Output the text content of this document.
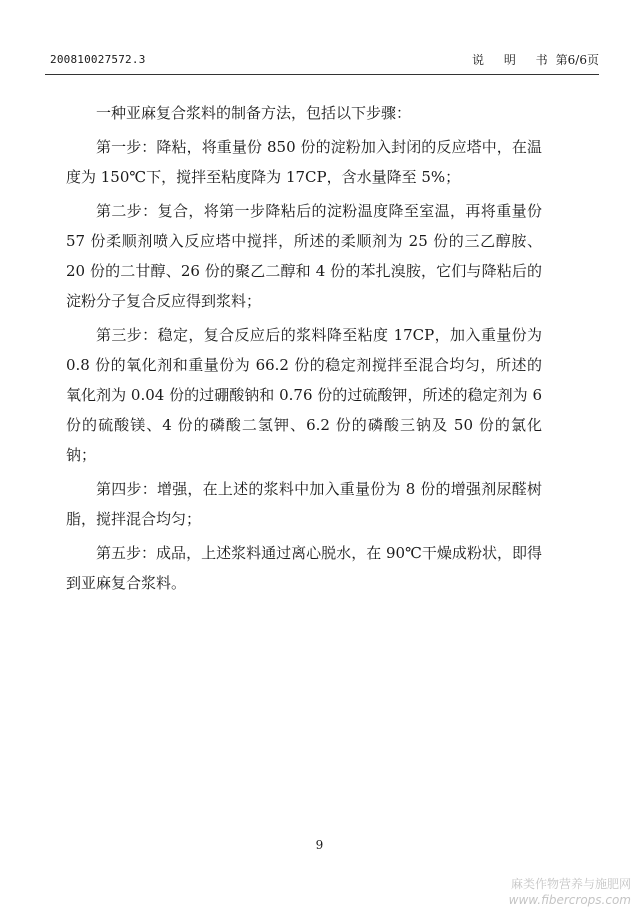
200810027572.3	说 明 书 第6/6页

一种亚麻复合浆料的制备方法，包括以下步骤：

第一步：降粘，将重量份 850 份的淀粉加入封闭的反应塔中，在温度为 150℃下，搅拌至粘度降为 17CP，含水量降至 5%；

第二步：复合，将第一步降粘后的淀粉温度降至室温，再将重量份 57 份柔顺剂喷入反应塔中搅拌，所述的柔顺剂为 25 份的三乙醇胺、20 份的二甘醇、26 份的聚乙二醇和 4 份的苯扎溴胺，它们与降粘后的淀粉分子复合反应得到浆料；

第三步：稳定，复合反应后的浆料降至粘度 17CP，加入重量份为 0.8 份的氧化剂和重量份为 66.2 份的稳定剂搅拌至混合均匀，所述的氧化剂为 0.04 份的过硼酸钠和 0.76 份的过硫酸钾，所述的稳定剂为 6 份的硫酸镁、4 份的磷酸二氢钾、6.2 份的磷酸三钠及 50 份的氯化钠；

第四步：增强，在上述的浆料中加入重量份为 8 份的增强剂尿醛树脂，搅拌混合均匀；

第五步：成品，上述浆料通过离心脱水，在 90℃干燥成粉状，即得到亚麻复合浆料。

9
麻类作物营养与施肥网
www.fibercrops.com
